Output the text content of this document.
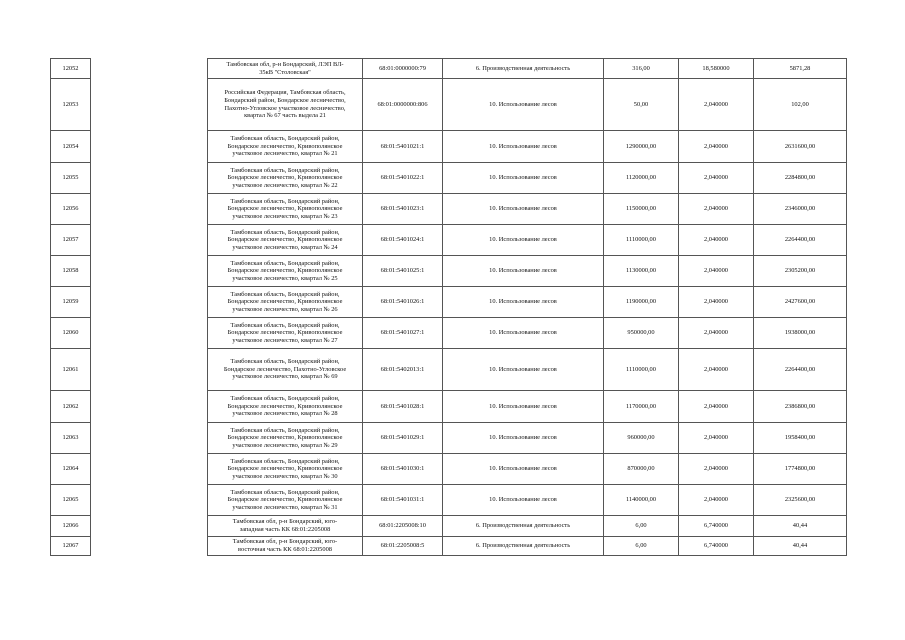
12052		Тамбовская обл, р-н Бондарский, ЛЭП ВЛ-
35кВ "Столовская"	68:01:0000000:79	6. Производственная деятельность	316,00	18,580000	5871,28
12053		Российская Федерация, Тамбовская область,
Бондарский район, Бондарское лесничество,
Пахотно-Угловское участковое лесничество,
квартал № 67 часть выдела 21	68:01:0000000:806	10. Использование лесов	50,00	2,040000	102,00
12054		Тамбовская область, Бондарский район,
Бондарское лесничество, Кривополянское
участковое лесничество, квартал № 21	68:01:5401021:1	10. Использование лесов	1290000,00	2,040000	2631600,00
12055		Тамбовская область, Бондарский район,
Бондарское лесничество, Кривополянское
участковое лесничество, квартал № 22	68:01:5401022:1	10. Использование лесов	1120000,00	2,040000	2284800,00
12056		Тамбовская область, Бондарский район,
Бондарское лесничество, Кривополянское
участковое лесничество, квартал № 23	68:01:5401023:1	10. Использование лесов	1150000,00	2,040000	2346000,00
12057		Тамбовская область, Бондарский район,
Бондарское лесничество, Кривополянское
участковое лесничество, квартал № 24	68:01:5401024:1	10. Использование лесов	1110000,00	2,040000	2264400,00
12058		Тамбовская область, Бондарский район,
Бондарское лесничество, Кривополянское
участковое лесничество, квартал № 25	68:01:5401025:1	10. Использование лесов	1130000,00	2,040000	2305200,00
12059		Тамбовская область, Бондарский район,
Бондарское лесничество, Кривополянское
участковое лесничество, квартал № 26	68:01:5401026:1	10. Использование лесов	1190000,00	2,040000	2427600,00
12060		Тамбовская область, Бондарский район,
Бондарское лесничество, Кривополянское
участковое лесничество, квартал № 27	68:01:5401027:1	10. Использование лесов	950000,00	2,040000	1938000,00
12061		Тамбовская область, Бондарский район,
Бондарское лесничество, Пахотно-Угловское
участковое лесничество, квартал № 69	68:01:5402013:1	10. Использование лесов	1110000,00	2,040000	2264400,00
12062		Тамбовская область, Бондарский район,
Бондарское лесничество, Кривополянское
участковое лесничество, квартал № 28	68:01:5401028:1	10. Использование лесов	1170000,00	2,040000	2386800,00
12063		Тамбовская область, Бондарский район,
Бондарское лесничество, Кривополянское
участковое лесничество, квартал № 29	68:01:5401029:1	10. Использование лесов	960000,00	2,040000	1958400,00
12064		Тамбовская область, Бондарский район,
Бондарское лесничество, Кривополянское
участковое лесничество, квартал № 30	68:01:5401030:1	10. Использование лесов	870000,00	2,040000	1774800,00
12065		Тамбовская область, Бондарский район,
Бондарское лесничество, Кривополянское
участковое лесничество, квартал № 31	68:01:5401031:1	10. Использование лесов	1140000,00	2,040000	2325600,00
12066		Тамбовская обл, р-н Бондарский, юго-
западная часть КК 68:01:2205008	68:01:2205008:10	6. Производственная деятельность	6,00	6,740000	40,44
12067		Тамбовская обл, р-н Бондарский, юго-
восточная часть КК 68:01:2205008	68:01:2205008:5	6. Производственная деятельность	6,00	6,740000	40,44
